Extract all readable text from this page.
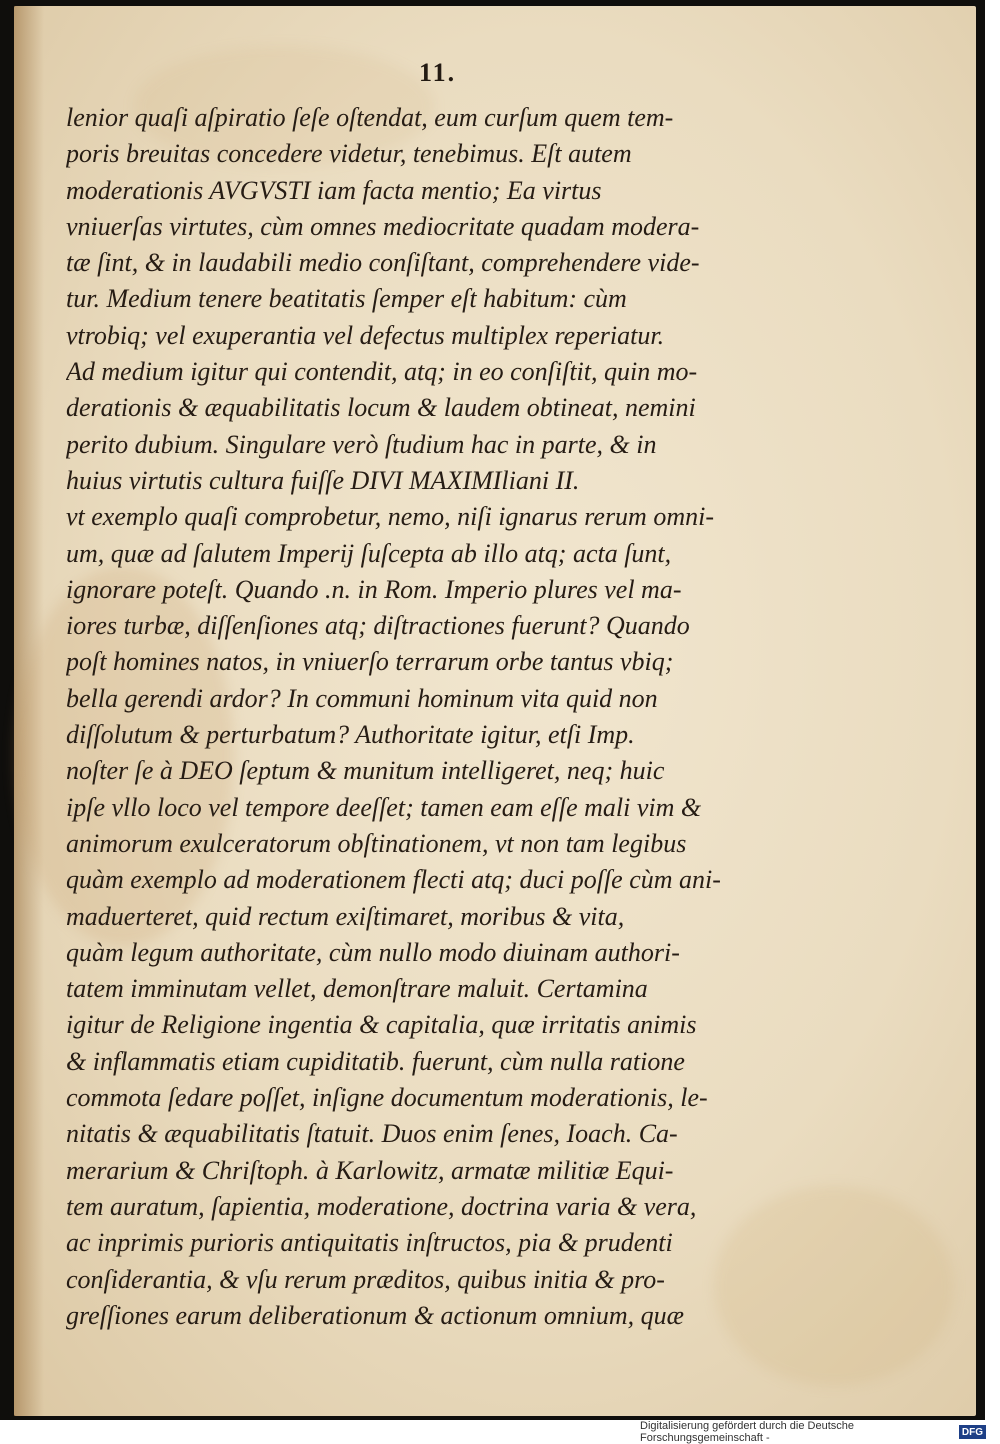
11.
lenior quaſi aſpiratio ſeſe oſtendat, eum curſum quem tem-
poris breuitas concedere videtur, tenebimus. Eſt autem
moderationis AVGVSTI iam facta mentio; Ea virtus
vniuerſas virtutes, cùm omnes mediocritate quadam modera-
tæ ſint, & in laudabili medio conſiſtant, comprehendere vide-
tur. Medium tenere beatitatis ſemper eſt habitum: cùm
vtrobiq; vel exuperantia vel defectus multiplex reperiatur.
Ad medium igitur qui contendit, atq; in eo conſiſtit, quin mo-
derationis & æquabilitatis locum & laudem obtineat, nemini
perito dubium. Singulare verò ſtudium hac in parte, & in
huius virtutis cultura fuiſſe DIVI MAXIMIliani II.
vt exemplo quaſi comprobetur, nemo, niſi ignarus rerum omni-
um, quæ ad ſalutem Imperij ſuſcepta ab illo atq; acta ſunt,
ignorare poteſt. Quando .n. in Rom. Imperio plures vel ma-
iores turbæ, diſſenſiones atq; diſtractiones fuerunt? Quando
poſt homines natos, in vniuerſo terrarum orbe tantus vbiq;
bella gerendi ardor? In communi hominum vita quid non
diſſolutum & perturbatum? Authoritate igitur, etſi Imp.
noſter ſe à DEO ſeptum & munitum intelligeret, neq; huic
ipſe vllo loco vel tempore deeſſet; tamen eam eſſe mali vim &
animorum exulceratorum obſtinationem, vt non tam legibus
quàm exemplo ad moderationem flecti atq; duci poſſe cùm ani-
maduerteret, quid rectum exiſtimaret, moribus & vita,
quàm legum authoritate, cùm nullo modo diuinam authori-
tatem imminutam vellet, demonſtrare maluit. Certamina
igitur de Religione ingentia & capitalia, quæ irritatis animis
& inflammatis etiam cupiditatib. fuerunt, cùm nulla ratione
commota ſedare poſſet, inſigne documentum moderationis, le-
nitatis & æquabilitatis ſtatuit. Duos enim ſenes, Ioach. Ca-
merarium & Chriſtoph. à Karlowitz, armatæ militiæ Equi-
tem auratum, ſapientia, moderatione, doctrina varia & vera,
ac inprimis purioris antiquitatis inſtructos, pia & prudenti
conſiderantia, & vſu rerum præditos, quibus initia & pro-
greſſiones earum deliberationum & actionum omnium, quæ
Digitalisierung gefördert durch die Deutsche Forschungsgemeinschaft -	DFG
